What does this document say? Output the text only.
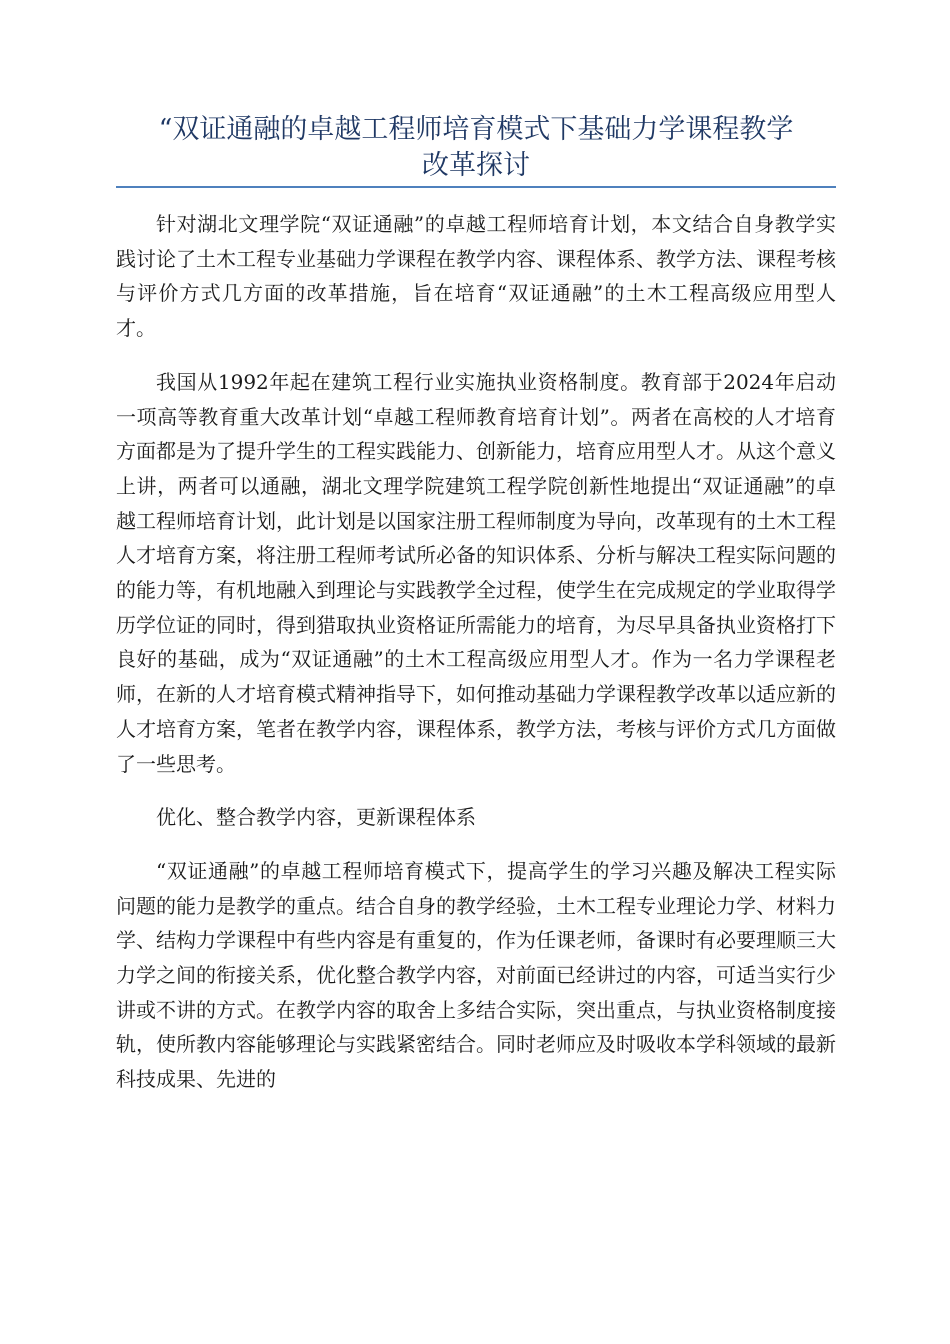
“双证通融的卓越工程师培育模式下基础力学课程教学
改革探讨

针对湖北文理学院“双证通融”的卓越工程师培育计划，本文结合自身教学实践讨论了土木工程专业基础力学课程在教学内容、课程体系、教学方法、课程考核与评价方式几方面的改革措施，旨在培育“双证通融”的土木工程高级应用型人才。

我国从1992年起在建筑工程行业实施执业资格制度。教育部于2024年启动一项高等教育重大改革计划“卓越工程师教育培育计划”。两者在高校的人才培育方面都是为了提升学生的工程实践能力、创新能力，培育应用型人才。从这个意义上讲，两者可以通融，湖北文理学院建筑工程学院创新性地提出“双证通融”的卓越工程师培育计划，此计划是以国家注册工程师制度为导向，改革现有的土木工程人才培育方案，将注册工程师考试所必备的知识体系、分析与解决工程实际问题的的能力等，有机地融入到理论与实践教学全过程，使学生在完成规定的学业取得学历学位证的同时，得到猎取执业资格证所需能力的培育，为尽早具备执业资格打下良好的基础，成为“双证通融”的土木工程高级应用型人才。作为一名力学课程老师，在新的人才培育模式精神指导下，如何推动基础力学课程教学改革以适应新的人才培育方案，笔者在教学内容，课程体系，教学方法，考核与评价方式几方面做了一些思考。

优化、整合教学内容，更新课程体系

“双证通融”的卓越工程师培育模式下，提高学生的学习兴趣及解决工程实际问题的能力是教学的重点。结合自身的教学经验，土木工程专业理论力学、材料力学、结构力学课程中有些内容是有重复的，作为任课老师，备课时有必要理顺三大力学之间的衔接关系，优化整合教学内容，对前面已经讲过的内容，可适当实行少讲或不讲的方式。在教学内容的取舍上多结合实际，突出重点，与执业资格制度接轨，使所教内容能够理论与实践紧密结合。同时老师应及时吸收本学科领域的最新科技成果、先进的
